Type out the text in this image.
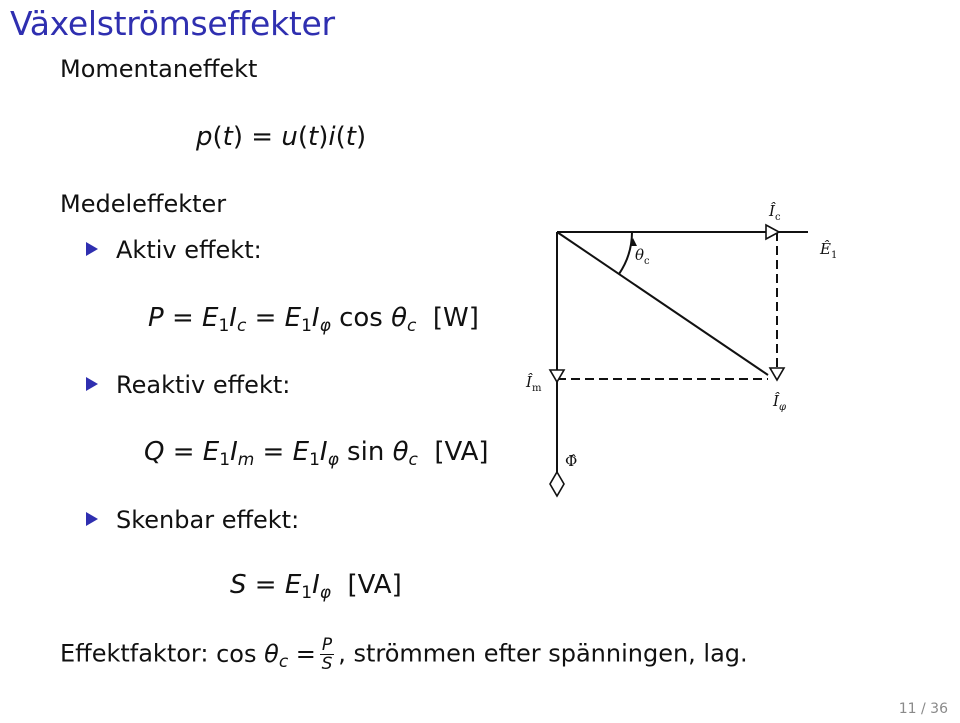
Växelströmseffekter
Momentaneffekt
p(t) = u(t)i(t)
Medeleffekter
Aktiv effekt:
$P = E_1I_c = E_1I_\varphi$ $\cos \theta_c$ [W]
Reaktiv effekt:
$Q = E_1I_m = E_1I_\varphi$ $\sin \theta_c$ [VA]
Skenbar effekt:
$S = E_1I_\varphi$ [VA]
Effektfaktor: $\cos \theta_c = \frac{P}{S}$ , strömmen efter spänningen, lag.
$Î_c$
$Ê_1$
$\theta_c$
$Î_m$
$Î_\varphi$
Φ̂
11 / 36
